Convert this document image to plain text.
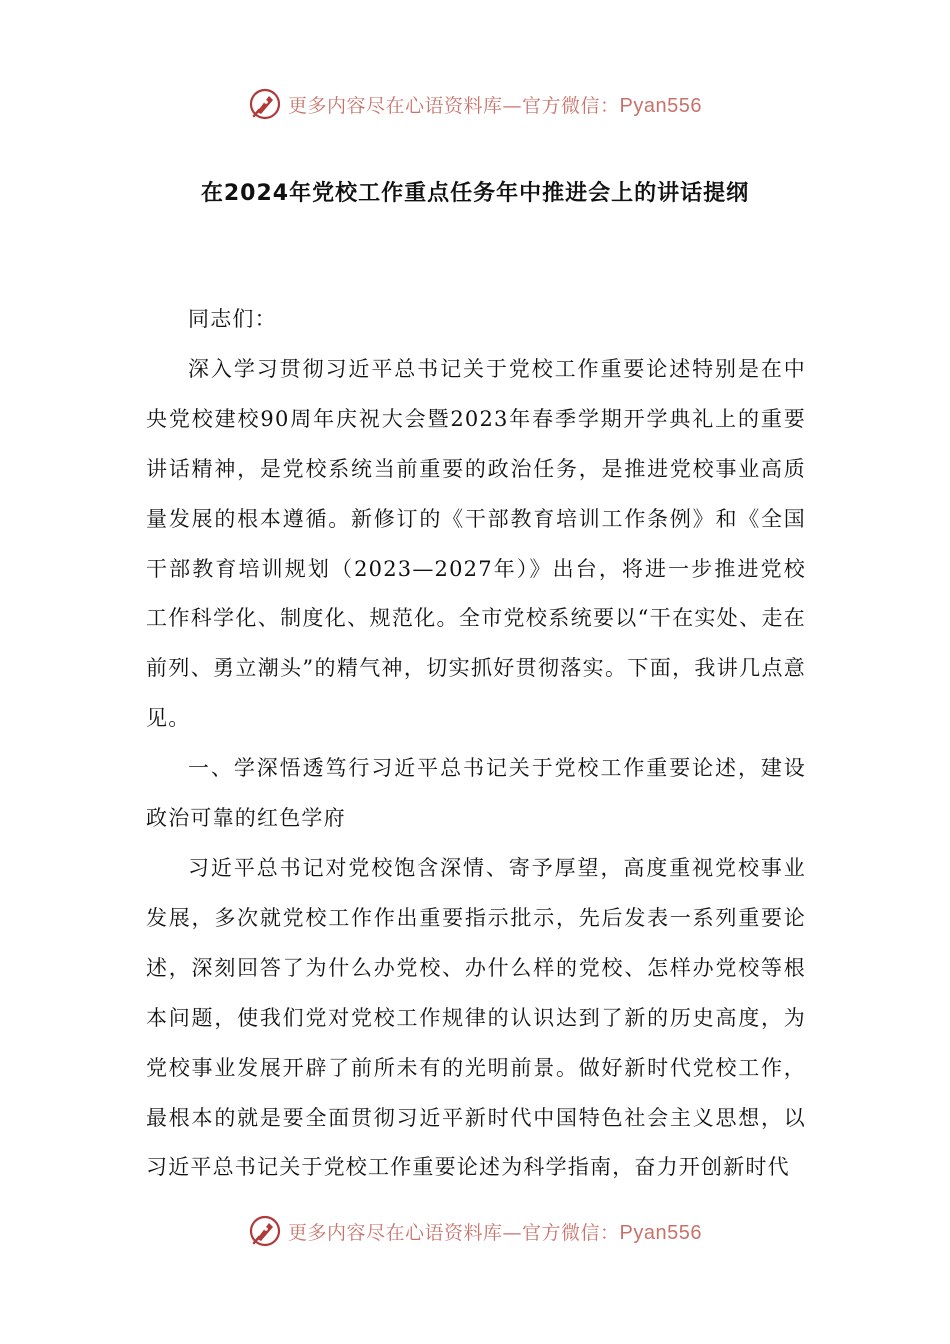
更多内容尽在心语资料库—官方微信：Pyan556
在2024年党校工作重点任务年中推进会上的讲话提纲

同志们：

深入学习贯彻习近平总书记关于党校工作重要论述特别是在中央党校建校90周年庆祝大会暨2023年春季学期开学典礼上的重要讲话精神，是党校系统当前重要的政治任务，是推进党校事业高质量发展的根本遵循。新修订的《干部教育培训工作条例》和《全国干部教育培训规划（2023—2027年）》出台，将进一步推进党校工作科学化、制度化、规范化。全市党校系统要以“干在实处、走在前列、勇立潮头”的精气神，切实抓好贯彻落实。下面，我讲几点意见。

一、学深悟透笃行习近平总书记关于党校工作重要论述，建设政治可靠的红色学府

习近平总书记对党校饱含深情、寄予厚望，高度重视党校事业发展，多次就党校工作作出重要指示批示，先后发表一系列重要论述，深刻回答了为什么办党校、办什么样的党校、怎样办党校等根本问题，使我们党对党校工作规律的认识达到了新的历史高度，为党校事业发展开辟了前所未有的光明前景。做好新时代党校工作，最根本的就是要全面贯彻习近平新时代中国特色社会主义思想，以习近平总书记关于党校工作重要论述为科学指南，奋力开创新时代

更多内容尽在心语资料库—官方微信：Pyan556
